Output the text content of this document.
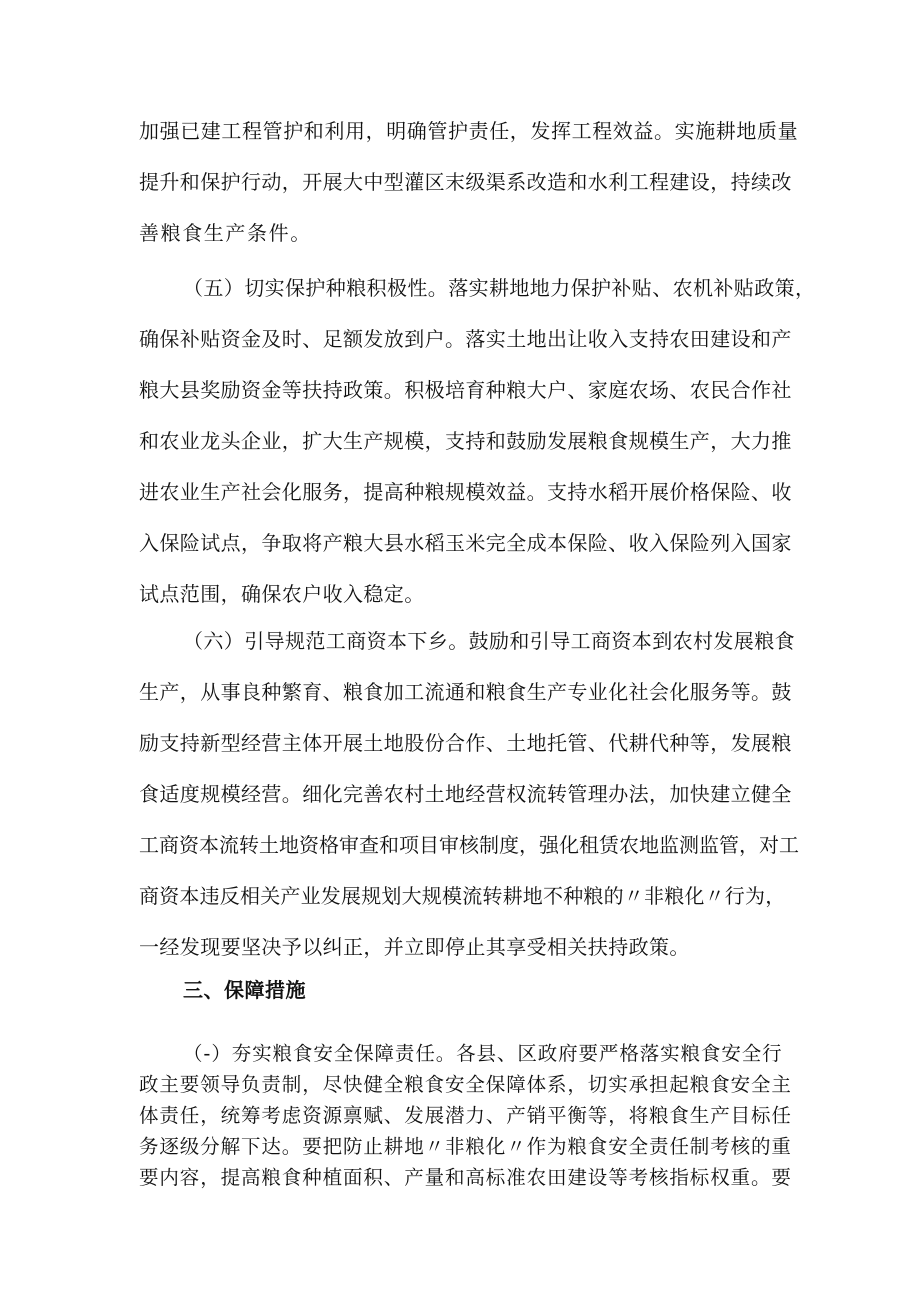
加强已建工程管护和利用，明确管护责任，发挥工程效益。实施耕地质量
提升和保护行动，开展大中型灌区末级渠系改造和水利工程建设，持续改
善粮食生产条件。
（五）切实保护种粮积极性。落实耕地地力保护补贴、农机补贴政策，
确保补贴资金及时、足额发放到户。落实土地出让收入支持农田建设和产
粮大县奖励资金等扶持政策。积极培育种粮大户、家庭农场、农民合作社
和农业龙头企业，扩大生产规模，支持和鼓励发展粮食规模生产，大力推
进农业生产社会化服务，提高种粮规模效益。支持水稻开展价格保险、收
入保险试点，争取将产粮大县水稻玉米完全成本保险、收入保险列入国家
试点范围，确保农户收入稳定。
（六）引导规范工商资本下乡。鼓励和引导工商资本到农村发展粮食
生产，从事良种繁育、粮食加工流通和粮食生产专业化社会化服务等。鼓
励支持新型经营主体开展土地股份合作、土地托管、代耕代种等，发展粮
食适度规模经营。细化完善农村土地经营权流转管理办法，加快建立健全
工商资本流转土地资格审查和项目审核制度，强化租赁农地监测监管，对工
商资本违反相关产业发展规划大规模流转耕地不种粮的〃非粮化〃行为，
一经发现要坚决予以纠正，并立即停止其享受相关扶持政策。
三、保障措施
（-）夯实粮食安全保障责任。各县、区政府要严格落实粮食安全行
政主要领导负责制，尽快健全粮食安全保障体系，切实承担起粮食安全主
体责任，统筹考虑资源禀赋、发展潜力、产销平衡等，将粮食生产目标任
务逐级分解下达。要把防止耕地〃非粮化〃作为粮食安全责任制考核的重
要内容，提高粮食种植面积、产量和高标准农田建设等考核指标权重。要
